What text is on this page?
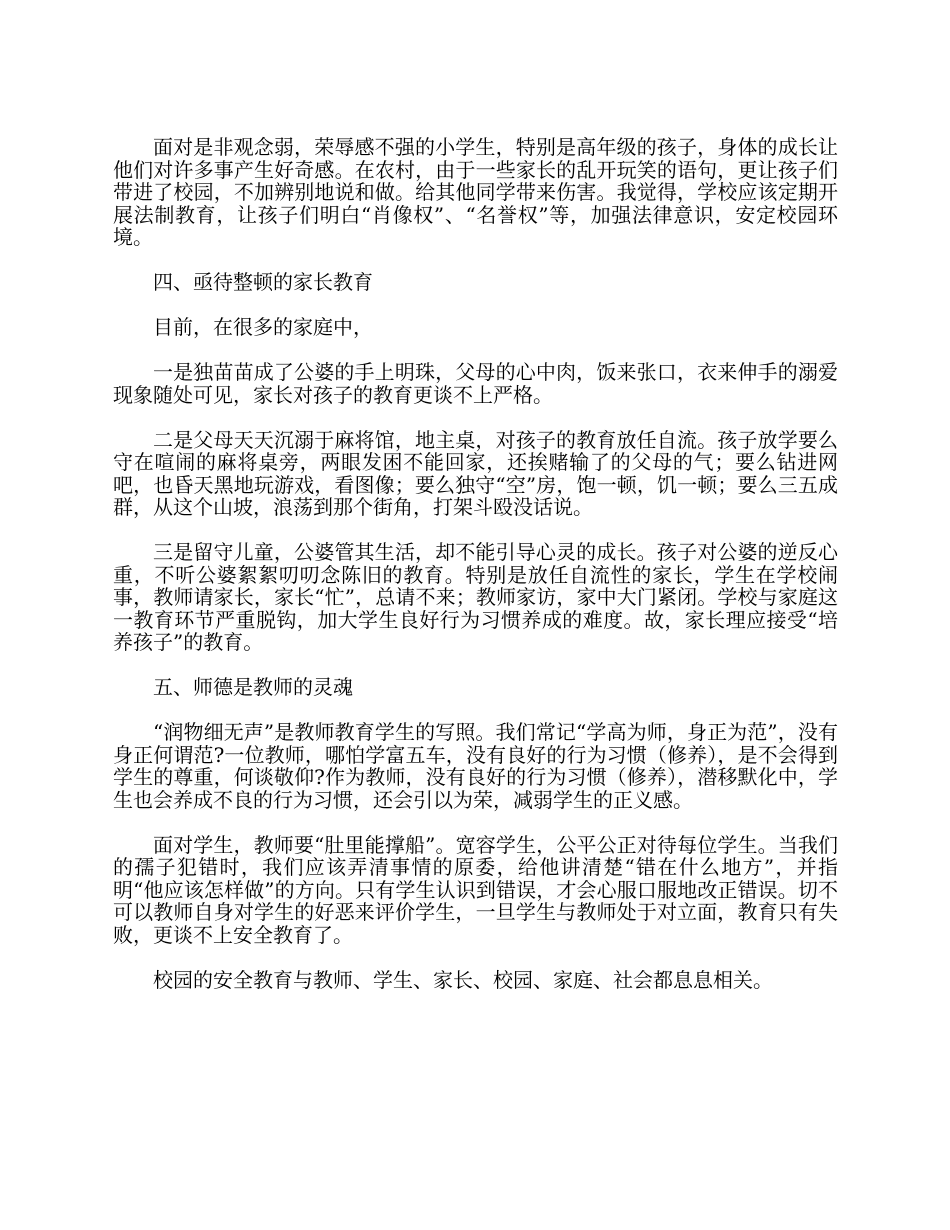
面对是非观念弱，荣辱感不强的小学生，特别是高年级的孩子，身体的成长让他们对许多事产生好奇感。在农村，由于一些家长的乱开玩笑的语句，更让孩子们带进了校园，不加辨别地说和做。给其他同学带来伤害。我觉得，学校应该定期开展法制教育，让孩子们明白“肖像权”、“名誉权”等，加强法律意识，安定校园环境。

四、亟待整顿的家长教育

目前，在很多的家庭中，

一是独苗苗成了公婆的手上明珠，父母的心中肉，饭来张口，衣来伸手的溺爱现象随处可见，家长对孩子的教育更谈不上严格。

二是父母天天沉溺于麻将馆，地主桌，对孩子的教育放任自流。孩子放学要么守在喧闹的麻将桌旁，两眼发困不能回家，还挨赌输了的父母的气；要么钻进网吧，也昏天黑地玩游戏，看图像；要么独守“空”房，饱一顿，饥一顿；要么三五成群，从这个山坡，浪荡到那个街角，打架斗殴没话说。

三是留守儿童，公婆管其生活，却不能引导心灵的成长。孩子对公婆的逆反心重，不听公婆絮絮叨叨念陈旧的教育。特别是放任自流性的家长，学生在学校闹事，教师请家长，家长“忙”，总请不来；教师家访，家中大门紧闭。学校与家庭这一教育环节严重脱钩，加大学生良好行为习惯养成的难度。故，家长理应接受“培养孩子”的教育。

五、师德是教师的灵魂

“润物细无声”是教师教育学生的写照。我们常记“学高为师，身正为范”，没有身正何谓范?一位教师，哪怕学富五车，没有良好的行为习惯（修养），是不会得到学生的尊重，何谈敬仰?作为教师，没有良好的行为习惯（修养），潜移默化中，学生也会养成不良的行为习惯，还会引以为荣，减弱学生的正义感。

面对学生，教师要“肚里能撑船”。宽容学生，公平公正对待每位学生。当我们的孺子犯错时，我们应该弄清事情的原委，给他讲清楚“错在什么地方”，并指明“他应该怎样做”的方向。只有学生认识到错误，才会心服口服地改正错误。切不可以教师自身对学生的好恶来评价学生，一旦学生与教师处于对立面，教育只有失败，更谈不上安全教育了。

校园的安全教育与教师、学生、家长、校园、家庭、社会都息息相关。
